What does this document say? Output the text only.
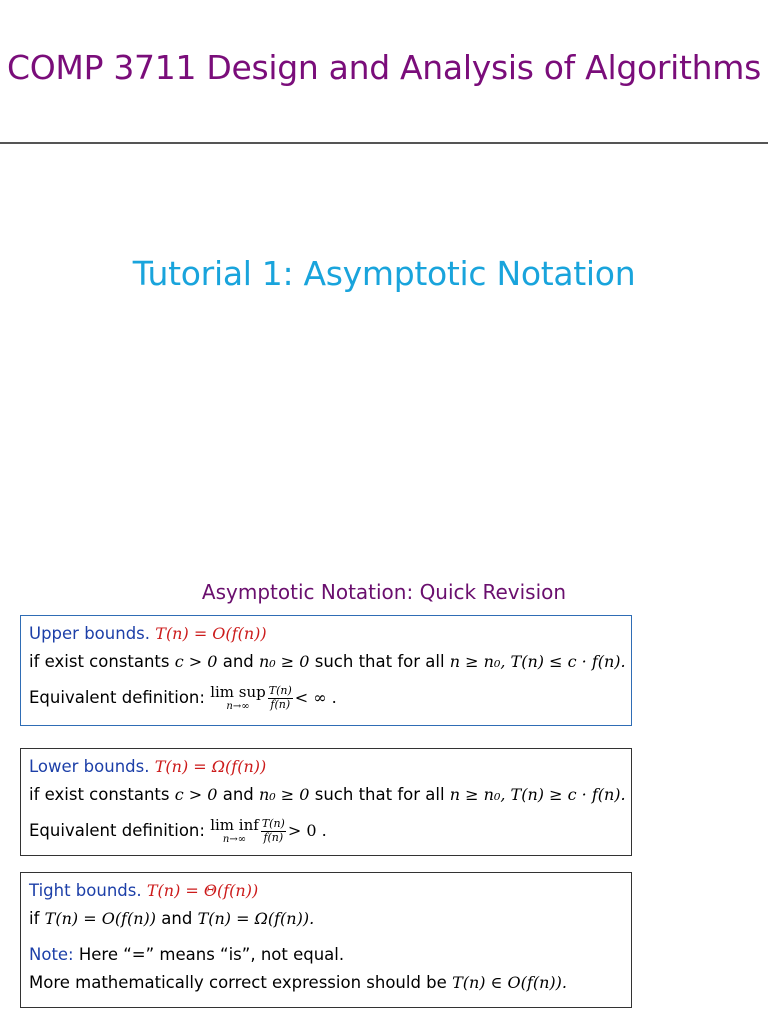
COMP 3711 Design and Analysis of Algorithms
Tutorial 1: Asymptotic Notation
Asymptotic Notation: Quick Revision
Upper bounds. T(n) = O(f(n))
if exist constants c > 0 and n₀ ≥ 0 such that for all n ≥ n₀, T(n) ≤ c · f(n).
Equivalent definition: lim sup
n→∞	$\frac{T(n)}{f(n)}$ < ∞ .
Lower bounds. T(n) = Ω(f(n))
if exist constants c > 0 and n₀ ≥ 0 such that for all n ≥ n₀, T(n) ≥ c · f(n).
Equivalent definition: lim inf
n→∞	$\frac{T(n)}{f(n)} > 0$ .
Tight bounds. T(n) = Θ(f(n))
if T(n) = O(f(n)) and T(n) = Ω(f(n)).
Note: Here “=” means “is”, not equal.
More mathematically correct expression should be T(n) ∈ O(f(n)).
